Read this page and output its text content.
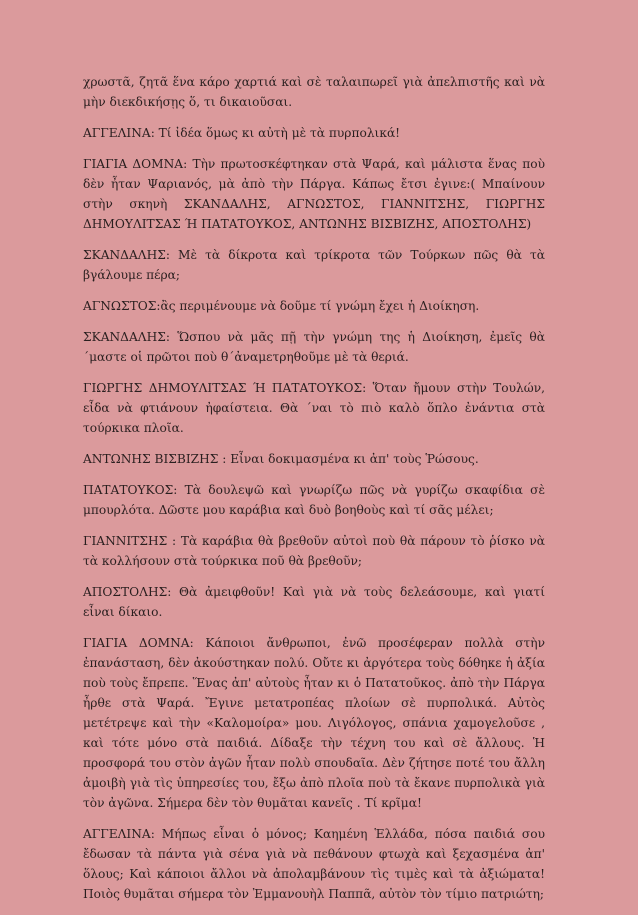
χρωστᾶ, ζητᾶ ἕνα κάρο χαρτιά καὶ σὲ ταλαιπωρεῖ γιὰ ἀπελπιστῆς καὶ νὰ μὴν διεκδικήσῃς ὅ, τι δικαιοῦσαι.

ΑΓΓΕΛΙΝΑ: Τί ἰδέα ὅμως κι αὐτὴ μὲ τὰ πυρπολικά!

ΓΙΑΓΙΑ ΔΟΜΝΑ: Τὴν πρωτοσκέφτηκαν στὰ Ψαρά, καὶ μάλιστα ἕνας ποὺ δὲν ἦταν Ψαριανός, μὰ ἀπὸ τὴν Πάργα. Κάπως ἔτσι ἐγινε:( Μπαίνουν στὴν σκηνὴ ΣΚΑΝΔΑΛΗΣ, ΑΓΝΩΣΤΟΣ, ΓΙΑΝΝΙΤΣΗΣ, ΓΙΩΡΓΗΣ ΔΗΜΟΥΛΙΤΣΑΣ Ή ΠΑΤΑΤΟΥΚΟΣ, ΑΝΤΩΝΗΣ ΒΙΣΒΙΖΗΣ, ΑΠΟΣΤΟΛΗΣ)

ΣΚΑΝΔΑΛΗΣ: Μὲ τὰ δίκροτα καὶ τρίκροτα τῶν Τούρκων πῶς θὰ τὰ βγάλουμε πέρα;

ΑΓΝΩΣΤΟΣ:ἂς περιμένουμε νὰ δοῦμε τί γνώμη ἔχει ἡ Διοίκηση.

ΣΚΑΝΔΑΛΗΣ: Ὥσπου νὰ μᾶς πῇ τὴν γνώμη της ἡ Διοίκηση, ἐμεῖς θὰ ΄μαστε οἱ πρῶτοι ποὺ θ΄ἀναμετρηθοῦμε μὲ τὰ θεριά.

ΓΙΩΡΓΗΣ ΔΗΜΟΥΛΙΤΣΑΣ Ή ΠΑΤΑΤΟΥΚΟΣ: Ὅταν ἤμουν στὴν Τουλών, εἶδα νὰ φτιάνουν ἠφαίστεια. Θὰ ΄ναι τὸ πιὸ καλὸ ὅπλο ἐνάντια στὰ τούρκικα πλοῖα.

ΑΝΤΩΝΗΣ ΒΙΣΒΙΖΗΣ : Εἶναι δοκιμασμένα κι ἀπ' τοὺς Ῥώσους.

ΠΑΤΑΤΟΥΚΟΣ: Τὰ δουλεψῶ καὶ γνωρίζω πῶς νὰ γυρίζω σκαφίδια σὲ μπουρλότα. Δῶστε μου καράβια καὶ δυὸ βοηθοὺς καὶ τί σᾶς μέλει;

ΓΙΑΝΝΙΤΣΗΣ : Τὰ καράβια θὰ βρεθοῦν αὐτοὶ ποὺ θὰ πάρουν τὸ ῥίσκο νὰ τὰ κολλήσουν στὰ τούρκικα ποῦ θὰ βρεθοῦν;

ΑΠΟΣΤΟΛΗΣ: Θὰ ἀμειφθοῦν! Καὶ γιὰ νὰ τοὺς δελεάσουμε, καὶ γιατί εἶναι δίκαιο.

ΓΙΑΓΙΑ ΔΟΜΝΑ: Κάποιοι ἄνθρωποι, ἐνῶ προσέφεραν πολλὰ στὴν ἐπανάσταση, δὲν ἀκούστηκαν πολύ. Οὔτε κι ἀργότερα τοὺς δόθηκε ἡ ἀξία ποὺ τοὺς ἔπρεπε. Ἕνας ἀπ' αὐτοὺς ἦταν κι ὁ Πατατοῦκος. ἀπὸ τὴν Πάργα ἦρθε στὰ Ψαρά. Ἔγινε μετατροπέας πλοίων σὲ πυρπολικά. Αὐτὸς μετέτρεψε καὶ τὴν «Καλομοίρα» μου. Λιγόλογος, σπάνια χαμογελοῦσε , καὶ τότε μόνο στὰ παιδιά. Δίδαξε τὴν τέχνη του καὶ σὲ ἄλλους. Ἡ προσφορά του στὸν ἀγῶν ἦταν πολὺ σπουδαῖα. Δὲν ζήτησε ποτέ του ἄλλη ἀμοιβὴ γιὰ τὶς ὑπηρεσίες του, ἔξω ἀπὸ πλοῖα ποὺ τὰ ἔκανε πυρπολικὰ γιὰ τὸν ἀγῶνα. Σήμερα δὲν τὸν θυμᾶται κανεῖς . Τί κρῖμα!

ΑΓΓΕΛΙΝΑ: Μήπως εἶναι ὁ μόνος; Καημένη Ἑλλάδα, πόσα παιδιά σου ἔδωσαν τὰ πάντα γιὰ σένα γιὰ νὰ πεθάνουν φτωχὰ καὶ ξεχασμένα ἀπ' ὅλους; Καὶ κάποιοι ἄλλοι νὰ ἀπολαμβάνουν τὶς τιμὲς καὶ τὰ ἀξιώματα! Ποιὸς θυμᾶται σήμερα τὸν Ἐμμανουὴλ Παππᾶ, αὐτὸν τὸν τίμιο πατριώτη;
